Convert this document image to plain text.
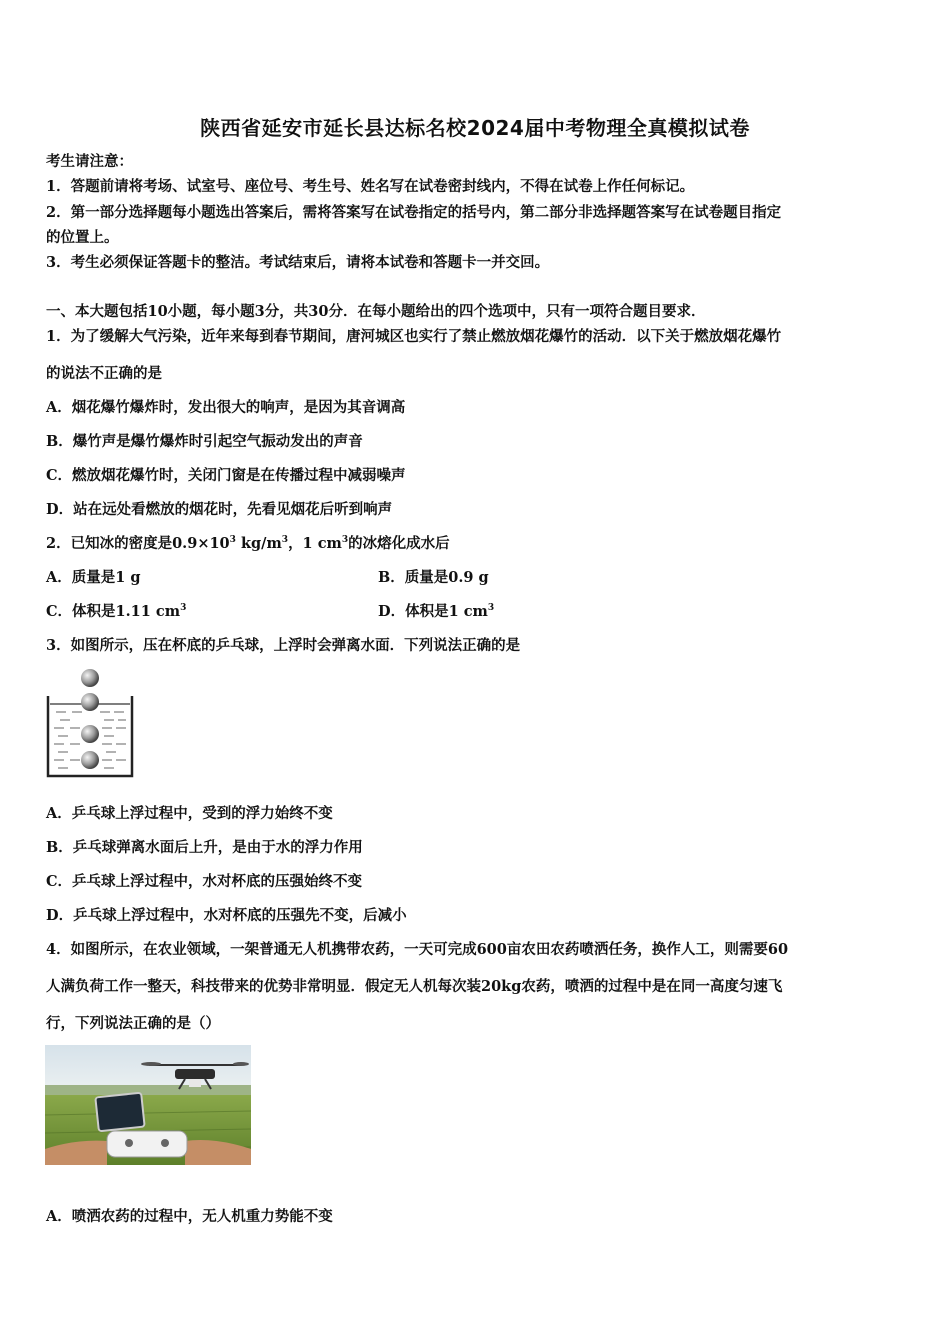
陕西省延安市延长县达标名校2024届中考物理全真模拟试卷
考生请注意：
1．答题前请将考场、试室号、座位号、考生号、姓名写在试卷密封线内，不得在试卷上作任何标记。
2．第一部分选择题每小题选出答案后，需将答案写在试卷指定的括号内，第二部分非选择题答案写在试卷题目指定
的位置上。
3．考生必须保证答题卡的整洁。考试结束后，请将本试卷和答题卡一并交回。
一、本大题包括10小题，每小题3分，共30分．在每小题给出的四个选项中，只有一项符合题目要求．
1．为了缓解大气污染，近年来每到春节期间，唐河城区也实行了禁止燃放烟花爆竹的活动．以下关于燃放烟花爆竹
的说法不正确的是
A．烟花爆竹爆炸时，发出很大的响声，是因为其音调高
B．爆竹声是爆竹爆炸时引起空气振动发出的声音
C．燃放烟花爆竹时，关闭门窗是在传播过程中减弱噪声
D．站在远处看燃放的烟花时，先看见烟花后听到响声
2．已知冰的密度是$0.9\times 10^3$ $kg/m^3$，1 $cm^3$的冰熔化成水后
A．质量是1 g	B．质量是0.9 g
C．体积是1.11 $cm^3$	D．体积是1 $cm^3$
3．如图所示，压在杯底的乒乓球，上浮时会弹离水面．下列说法正确的是
A．乒乓球上浮过程中，受到的浮力始终不变
B．乒乓球弹离水面后上升，是由于水的浮力作用
C．乒乓球上浮过程中，水对杯底的压强始终不变
D．乒乓球上浮过程中，水对杯底的压强先不变，后减小
4．如图所示，在农业领域，一架普通无人机携带农药，一天可完成600亩农田农药喷洒任务，换作人工，则需要60
人满负荷工作一整天，科技带来的优势非常明显．假定无人机每次装20kg农药，喷洒的过程中是在同一高度匀速飞
行，下列说法正确的是（）
A．喷洒农药的过程中，无人机重力势能不变
